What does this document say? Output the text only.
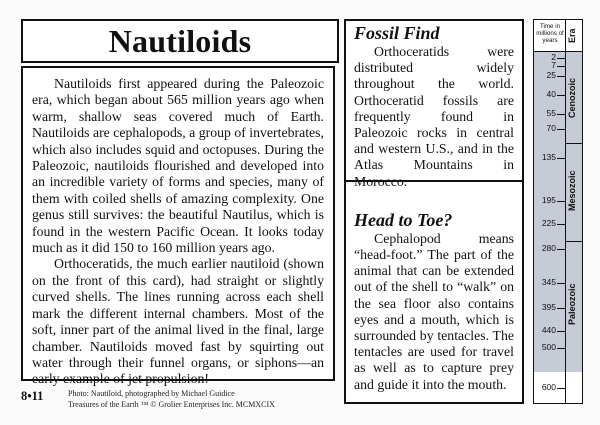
Nautiloids

Nautiloids first appeared during the Paleozoic era, which began about 565 million years ago when warm, shallow seas covered much of Earth. Nautiloids are cephalopods, a group of invertebrates, which also includes squid and octopuses. During the Paleozoic, nautiloids flourished and developed into an incredible variety of forms and species, many of them with coiled shells of amazing complexity. One genus still survives: the beautiful Nautilus, which is found in the western Pacific Ocean. It looks today much as it did 150 to 160 million years ago.

Orthoceratids, the much earlier nautiloid (shown on the front of this card), had straight or slightly curved shells. The lines running across each shell mark the different internal chambers. Most of the soft, inner part of the animal lived in the final, large chamber. Nautiloids moved fast by squirting out water through their funnel organs, or siphons—an early example of jet propulsion!

8•11	Photo: Nautiloid, photographed by Michael Guidice
Treasures of the Earth ™ © Grolier Enterprises Inc. MCMXCIX
Fossil Find

Orthoceratids were distributed widely throughout the world. Orthoceratid fossils are frequently found in Paleozoic rocks in central and western U.S., and in the Atlas Mountains in Morocco.

Head to Toe?

Cephalopod means “head-foot.” The part of the animal that can be extended out of the shell to “walk” on the sea floor also contains eyes and a mouth, which is surrounded by tentacles. The tentacles are used for travel as well as to capture prey and guide it into the mouth.

Time in millions of years	Era
Cenozoic
Mesozoic
Paleozoic
2
7
25
40
55
70
135
195
225
280
345
395
440
500
600
